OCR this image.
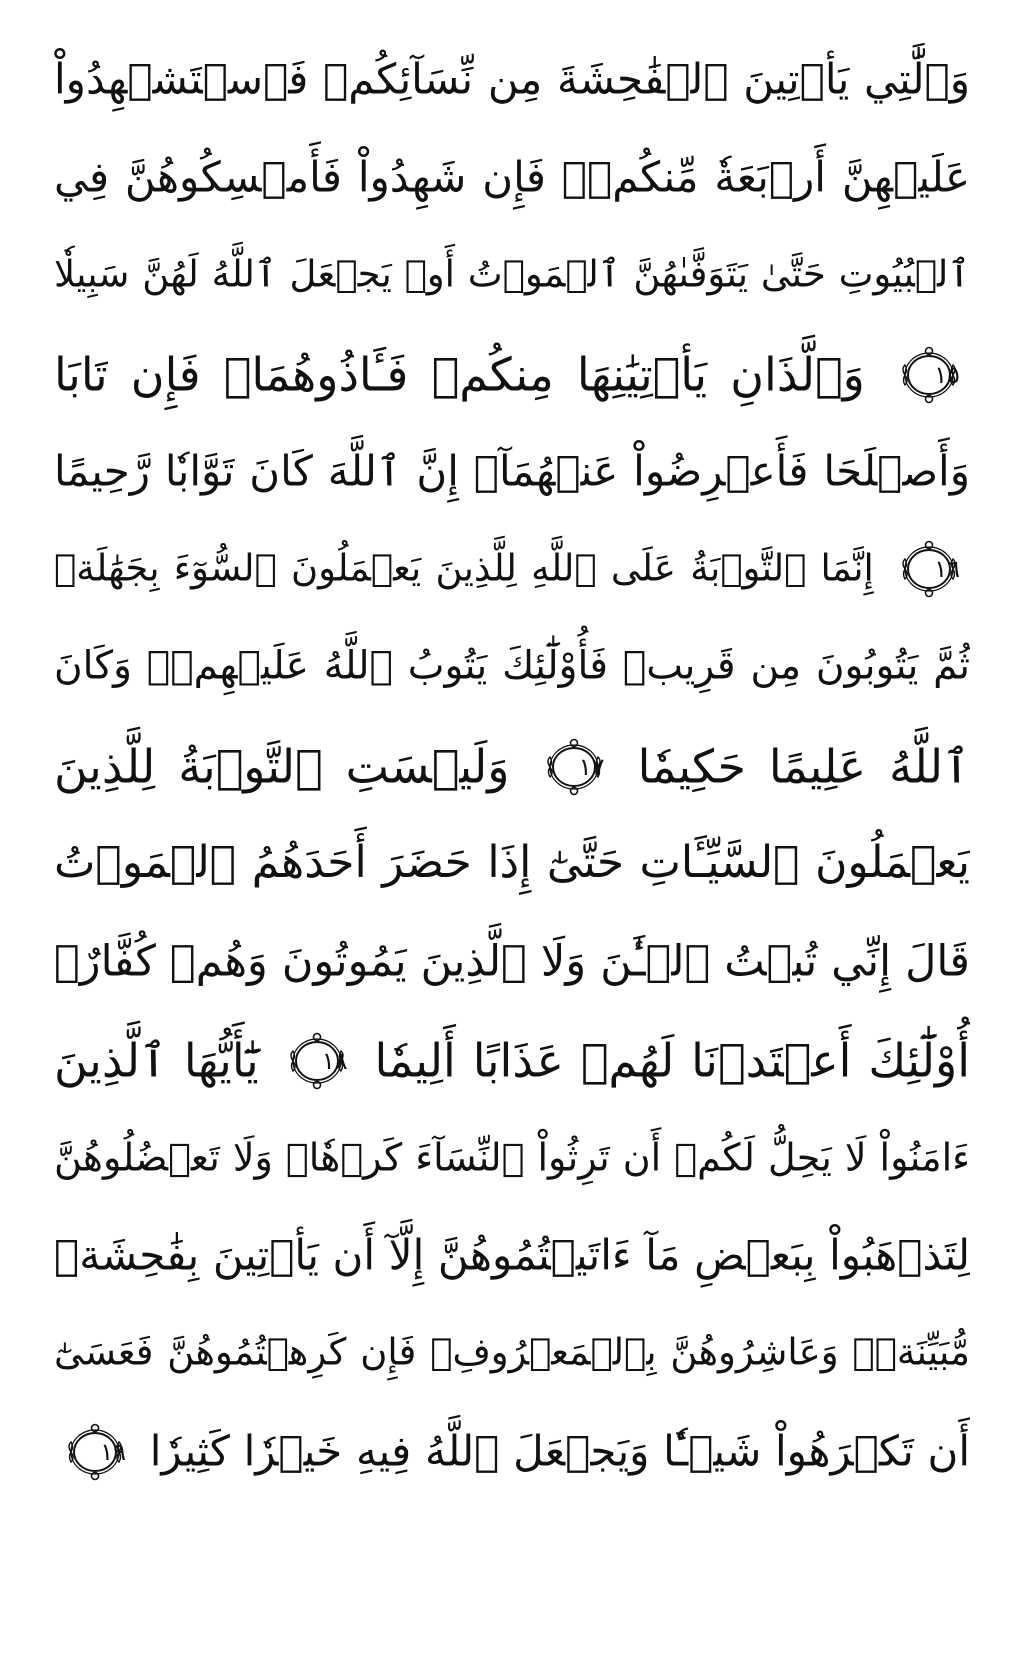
وَٱلَّٰتِي يَأۡتِينَ ٱلۡفَٰحِشَةَ مِن نِّسَآئِكُمۡ فَٱسۡتَشۡهِدُواْ
عَلَيۡهِنَّ أَرۡبَعَةٗ مِّنكُمۡۖ فَإِن شَهِدُواْ فَأَمۡسِكُوهُنَّ فِي
ٱلۡبُيُوتِ حَتَّىٰ يَتَوَفَّىٰهُنَّ ٱلۡمَوۡتُ أَوۡ يَجۡعَلَ ٱللَّهُ لَهُنَّ سَبِيلٗا
١٥
وَٱلَّذَانِ يَأۡتِيَٰنِهَا مِنكُمۡ فَـَٔاذُوهُمَاۖ فَإِن تَابَا
وَأَصۡلَحَا فَأَعۡرِضُواْ عَنۡهُمَآۗ إِنَّ ٱللَّهَ كَانَ تَوَّابٗا رَّحِيمًا
١٦
إِنَّمَا ٱلتَّوۡبَةُ عَلَى ٱللَّهِ لِلَّذِينَ يَعۡمَلُونَ ٱلسُّوٓءَ بِجَهَٰلَةٖ
ثُمَّ يَتُوبُونَ مِن قَرِيبٖ فَأُوْلَٰٓئِكَ يَتُوبُ ٱللَّهُ عَلَيۡهِمۡۗ وَكَانَ
ٱللَّهُ عَلِيمًا حَكِيمٗا
١٧
وَلَيۡسَتِ ٱلتَّوۡبَةُ لِلَّذِينَ
يَعۡمَلُونَ ٱلسَّيِّـَٔاتِ حَتَّىٰٓ إِذَا حَضَرَ أَحَدَهُمُ ٱلۡمَوۡتُ
قَالَ إِنِّي تُبۡتُ ٱلۡـَٰٔنَ وَلَا ٱلَّذِينَ يَمُوتُونَ وَهُمۡ كُفَّارٌۚ
أُوْلَٰٓئِكَ أَعۡتَدۡنَا لَهُمۡ عَذَابًا أَلِيمٗا
١٨
يَٰٓأَيُّهَا ٱلَّذِينَ
ءَامَنُواْ لَا يَحِلُّ لَكُمۡ أَن تَرِثُواْ ٱلنِّسَآءَ كَرۡهٗاۖ وَلَا تَعۡضُلُوهُنَّ
لِتَذۡهَبُواْ بِبَعۡضِ مَآ ءَاتَيۡتُمُوهُنَّ إِلَّآ أَن يَأۡتِينَ بِفَٰحِشَةٖ
مُّبَيِّنَةٖۚ وَعَاشِرُوهُنَّ بِٱلۡمَعۡرُوفِۚ فَإِن كَرِهۡتُمُوهُنَّ فَعَسَىٰٓ
أَن تَكۡرَهُواْ شَيۡـٔٗا وَيَجۡعَلَ ٱللَّهُ فِيهِ خَيۡرٗا كَثِيرٗا
١٩
